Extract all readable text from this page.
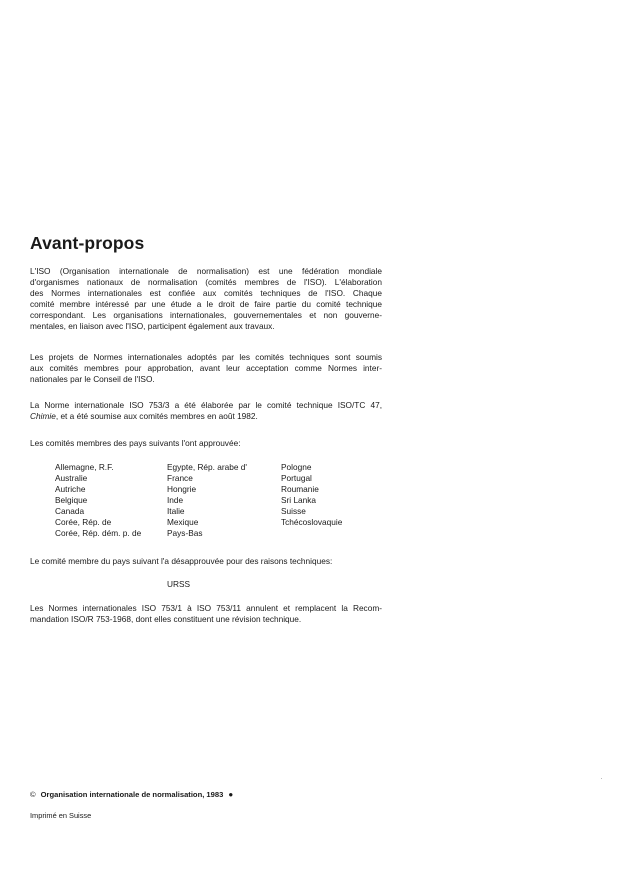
Avant-propos

L'ISO (Organisation internationale de normalisation) est une fédération mondiale
d'organismes nationaux de normalisation (comités membres de l'ISO). L'élaboration
des Normes internationales est confiée aux comités techniques de l'ISO. Chaque
comité membre intéressé par une étude a le droit de faire partie du comité technique
correspondant. Les organisations internationales, gouvernementales et non gouverne-
mentales, en liaison avec l'ISO, participent également aux travaux.

Les projets de Normes internationales adoptés par les comités techniques sont soumis
aux comités membres pour approbation, avant leur acceptation comme Normes inter-
nationales par le Conseil de l'ISO.

La Norme internationale ISO 753/3 a été élaborée par le comité technique ISO/TC 47,
Chimie, et a été soumise aux comités membres en août 1982.

Les comités membres des pays suivants l'ont approuvée:

Allemagne, R.F.
Australie
Autriche
Belgique
Canada
Corée, Rép. de
Corée, Rép. dém. p. de
Egypte, Rép. arabe d'
France
Hongrie
Inde
Italie
Mexique
Pays-Bas
Pologne
Portugal
Roumanie
Sri Lanka
Suisse
Tchécoslovaquie

Le comité membre du pays suivant l'a désapprouvée pour des raisons techniques:

URSS

Les Normes internationales ISO 753/1 à ISO 753/11 annulent et remplacent la Recom-
mandation ISO/R 753-1968, dont elles constituent une révision technique.

© Organisation internationale de normalisation, 1983 ●
Imprimé en Suisse
